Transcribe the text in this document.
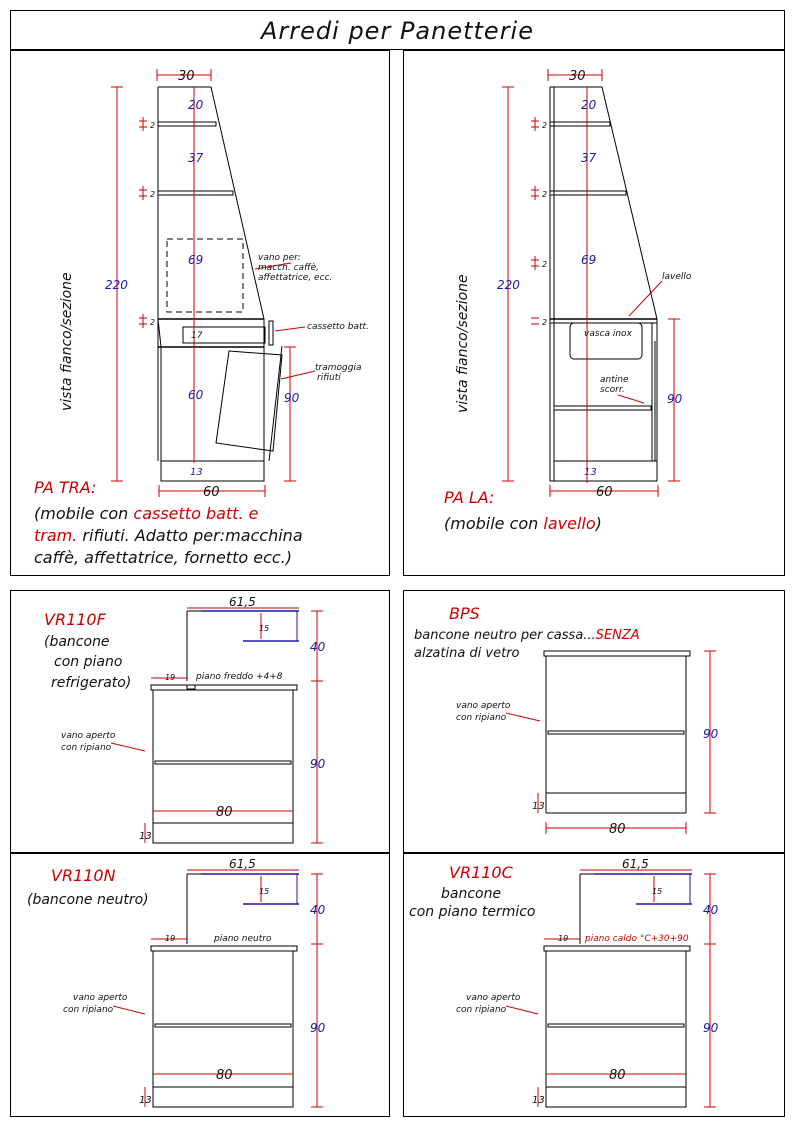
Arredi per Panetterie
30
20
37
69
17
60
13
2
2
2
220
90
60
vista fianco/sezione
vano per:
macch. caffè,
affettatrice, ecc.
cassetto batt.
tramoggia
rifiuti
PA TRA:
(mobile con cassetto batt. e
tram. rifiuti. Adatto per:macchina
caffè, affettatrice, fornetto ecc.)
30
20
37
69
13
2
2
2
2
220
90
60
vista fianco/sezione	lavello
vasca inox
antine
scorr.
PA LA:
(mobile con lavello)
VR110F
(bancone
con piano
refrigerato)
61,5
15
piano freddo +4+8
19
40
90
80
13
vano aperto
con ripiano
BPS
bancone neutro per cassa...SENZA
alzatina di vetro
90
80
13
vano aperto
con ripiano
VR110N
(bancone neutro)
61,5
15
piano neutro
19
40
90
80
13
vano aperto
con ripiano
VR110C
bancone
con piano termico
61,5
15
piano caldo °C+30+90
19
40
90
80
13
vano aperto
con ripiano
